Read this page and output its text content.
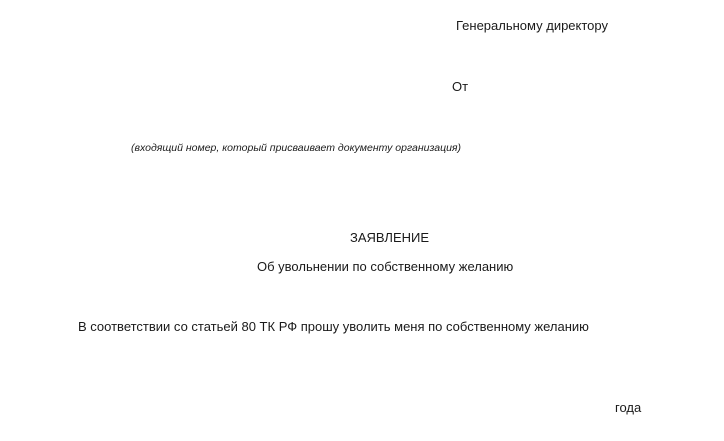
Генеральному директору
От
(входящий номер, который присваивает документу организация)
ЗАЯВЛЕНИЕ
Об увольнении по собственному желанию
В соответствии со статьей 80 ТК РФ прошу уволить меня по собственному желанию
года
